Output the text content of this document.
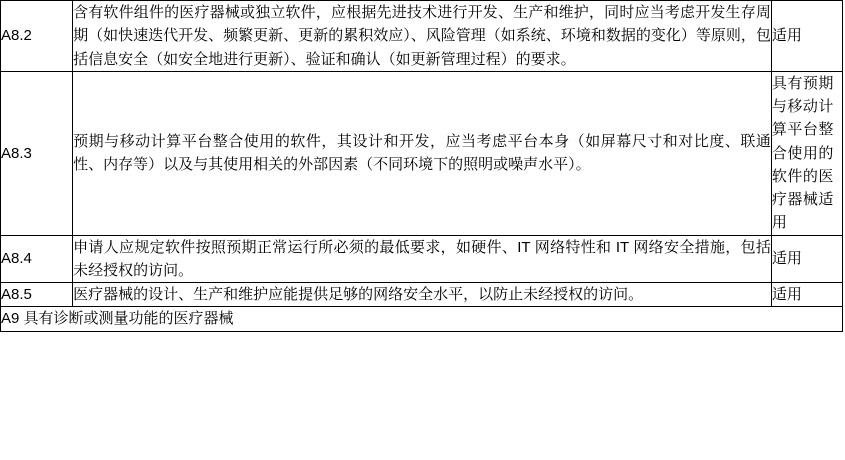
A8.2	含有软件组件的医疗器械或独立软件，应根据先进技术进行开发、生产和维护，同时应当考虑开发生存周期（如快速迭代开发、频繁更新、更新的累积效应）、风险管理（如系统、环境和数据的变化）等原则，包括信息安全（如安全地进行更新）、验证和确认（如更新管理过程）的要求。	适用
A8.3	预期与移动计算平台整合使用的软件，其设计和开发，应当考虑平台本身（如屏幕尺寸和对比度、联通性、内存等）以及与其使用相关的外部因素（不同环境下的照明或噪声水平）。	具有预期与移动计算平台整合使用的软件的医疗器械适用
A8.4	申请人应规定软件按照预期正常运行所必须的最低要求，如硬件、IT 网络特性和 IT 网络安全措施，包括未经授权的访问。	适用
A8.5	医疗器械的设计、生产和维护应能提供足够的网络安全水平，以防止未经授权的访问。	适用
A9 具有诊断或测量功能的医疗器械		
